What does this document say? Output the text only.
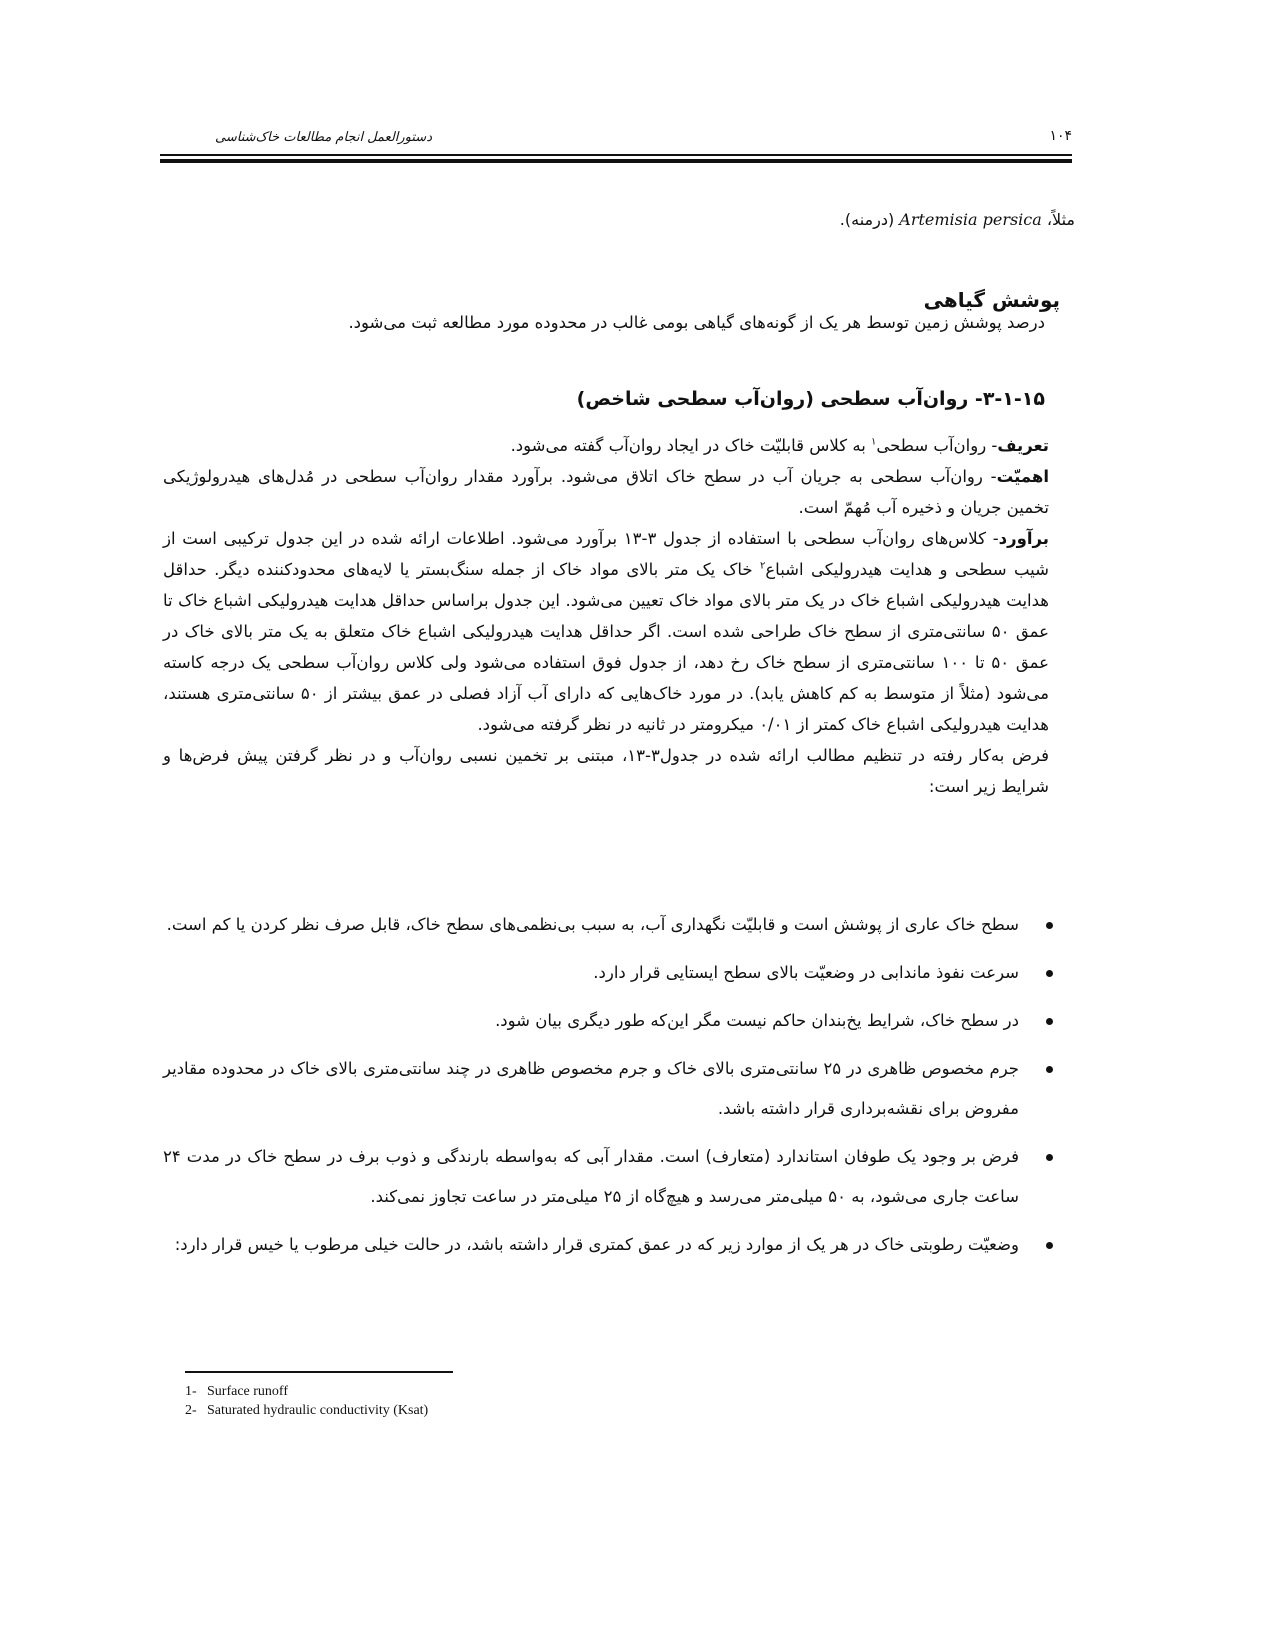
دستورالعمل انجام مطالعات خاک‌شناسی	۱۰۴
مثلاً، Artemisia persica (درمنه).
پوشش گیاهی
درصد پوشش زمین توسط هر یک از گونه‌های گیاهی بومی غالب در محدوده مورد مطالعه ثبت می‌شود.
۳-۱-۱۵- روان‌آب سطحی (روان‌آب سطحی شاخص)

تعریف- روان‌آب سطحی$^۱$ به کلاس قابلیّت خاک در ایجاد روان‌آب گفته می‌شود.

اهمیّت- روان‌آب سطحی به جریان آب در سطح خاک اتلاق می‌شود. برآورد مقدار روان‌آب سطحی در مُدل‌های هیدرولوژیکی تخمین جریان و ذخیره آب مُهمّ است.

برآورد- کلاس‌های روان‌آب سطحی با استفاده از جدول ۳-۱۳ برآورد می‌شود. اطلاعات ارائه شده در این جدول ترکیبی است از شیب سطحی و هدایت هیدرولیکی اشباع$^۲$ خاک یک متر بالای مواد خاک از جمله سنگ‌بستر یا لایه‌های محدودکننده دیگر. حداقل هدایت هیدرولیکی اشباع خاک در یک متر بالای مواد خاک تعیین می‌شود. این جدول براساس حداقل هدایت هیدرولیکی اشباع خاک تا عمق ۵۰ سانتی‌متری از سطح خاک طراحی شده است. اگر حداقل هدایت هیدرولیکی اشباع خاک متعلق به یک متر بالای خاک در عمق ۵۰ تا ۱۰۰ سانتی‌متری از سطح خاک رخ دهد، از جدول فوق استفاده می‌شود ولی کلاس روان‌آب سطحی یک درجه کاسته می‌شود (مثلاً از متوسط به کم کاهش یابد). در مورد خاک‌هایی که دارای آب آزاد فصلی در عمق بیشتر از ۵۰ سانتی‌متری هستند، هدایت هیدرولیکی اشباع خاک کمتر از ۰/۰۱ میکرومتر در ثانیه در نظر گرفته می‌شود.

فرض به‌کار رفته در تنظیم مطالب ارائه شده در جدول۳-۱۳، مبتنی بر تخمین نسبی روان‌آب و در نظر گرفتن پیش فرض‌ها و شرایط زیر است:

سطح خاک عاری از پوشش است و قابلیّت نگهداری آب، به سبب بی‌نظمی‌های سطح خاک، قابل صرف نظر کردن یا کم است.
سرعت نفوذ ماندابی در وضعیّت بالای سطح ایستایی قرار دارد.
در سطح خاک، شرایط یخ‌بندان حاکم نیست مگر این‌که طور دیگری بیان شود.
جرم مخصوص ظاهری در ۲۵ سانتی‌متری بالای خاک و جرم مخصوص ظاهری در چند سانتی‌متری بالای خاک در محدوده مقادیر مفروض برای نقشه‌برداری قرار داشته باشد.
فرض بر وجود یک طوفان استاندارد (متعارف) است. مقدار آبی که به‌واسطه بارندگی و ذوب برف در سطح خاک در مدت ۲۴ ساعت جاری می‌شود، به ۵۰ میلی‌متر می‌رسد و هیچ‌گاه از ۲۵ میلی‌متر در ساعت تجاوز نمی‌کند.
وضعیّت رطوبتی خاک در هر یک از موارد زیر که در عمق کمتری قرار داشته باشد، در حالت خیلی مرطوب یا خیس قرار دارد:
1- Surface runoff
2- Saturated hydraulic conductivity (Ksat)
